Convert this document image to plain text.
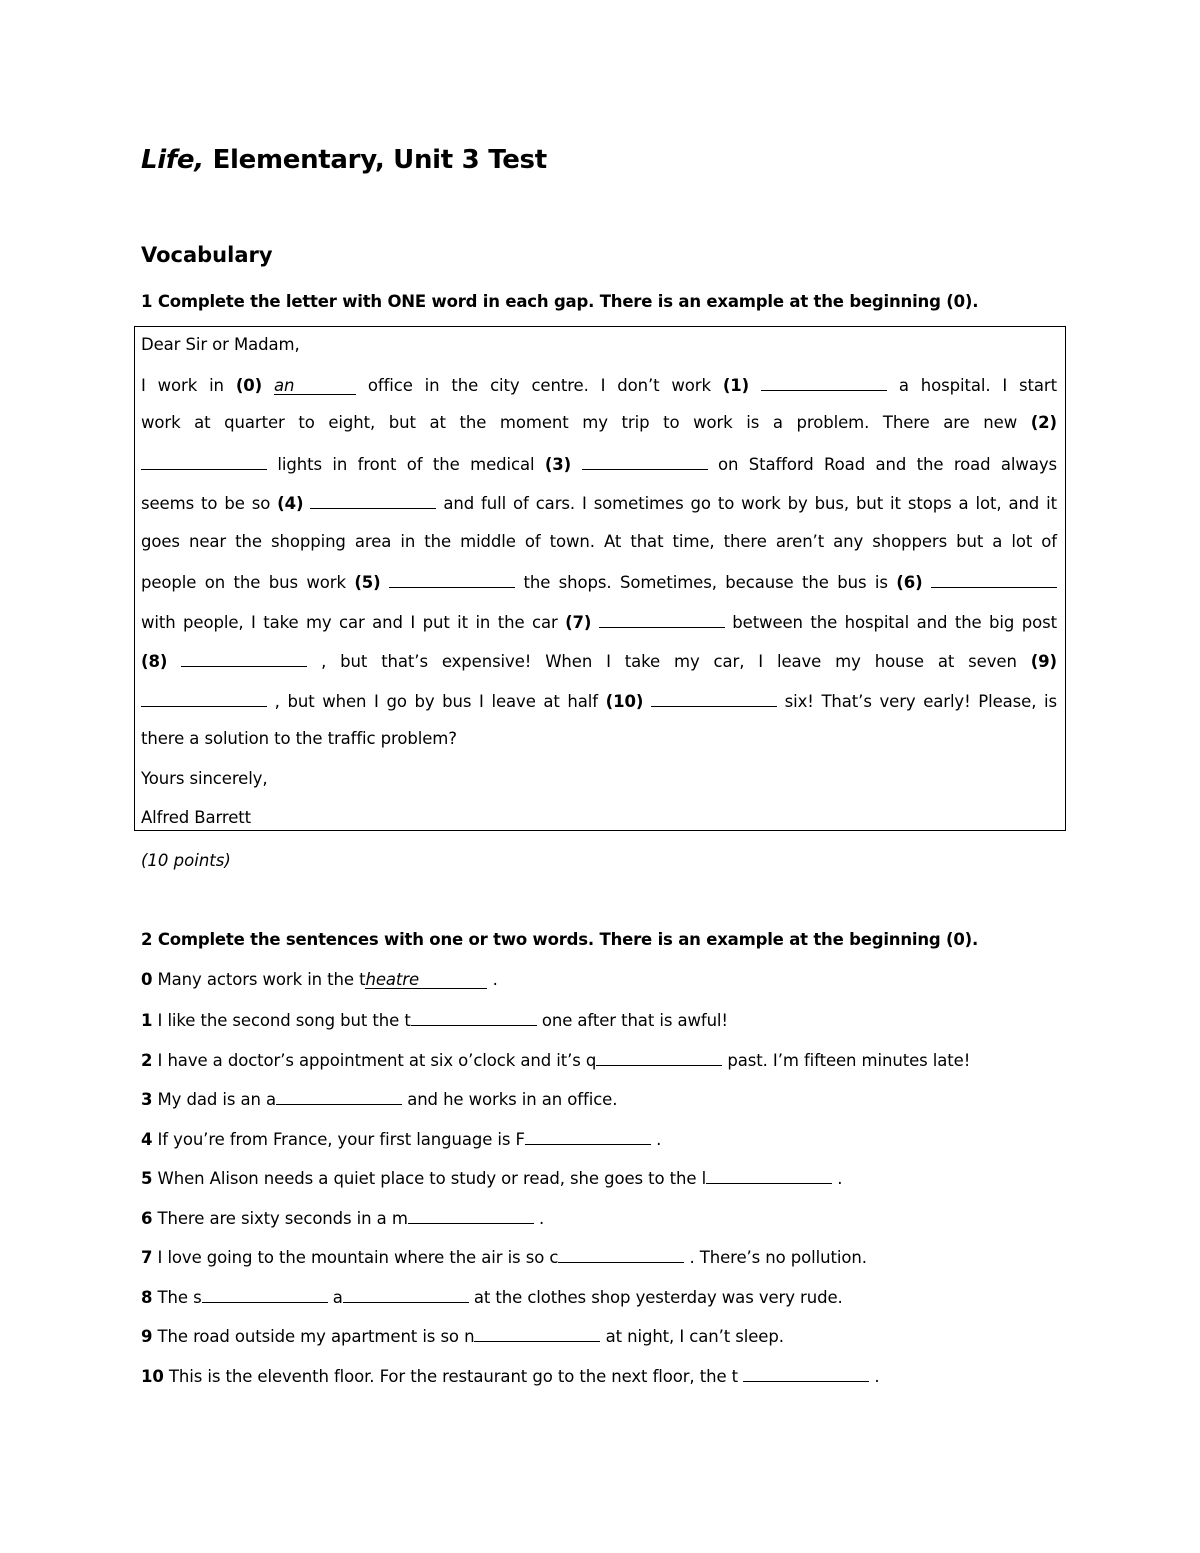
Life, Elementary, Unit 3 Test
Vocabulary
1 Complete the letter with ONE word in each gap. There is an example at the beginning (0).
Dear Sir or Madam,
I work in (0) an	office in the city centre. I don’t work (1)	a hospital. I start
work at quarter to eight, but at the moment my trip to work is a problem. There are new (2)
lights in front of the medical (3)	on Stafford Road and the road always
seems to be so (4)	and full of cars. I sometimes go to work by bus, but it stops a lot, and it
goes near the shopping area in the middle of town. At that time, there aren’t any shoppers but a lot of
people on the bus work (5)	the shops. Sometimes, because the bus is (6)
with people, I take my car and I put it in the car (7)	between the hospital and the big post
(8)	, but that’s expensive! When I take my car, I leave my house at seven (9)
, but when I go by bus I leave at half (10)	six! That’s very early! Please, is
there a solution to the traffic problem?
Yours sincerely,
Alfred Barrett
(10 points)
2 Complete the sentences with one or two words. There is an example at the beginning (0).
0 Many actors work in the theatre	.
1 I like the second song but the t	one after that is awful!
2 I have a doctor’s appointment at six o’clock and it’s q	past. I’m fifteen minutes late!
3 My dad is an a	and he works in an office.
4 If you’re from France, your first language is F	.
5 When Alison needs a quiet place to study or read, she goes to the l	.
6 There are sixty seconds in a m	.
7 I love going to the mountain where the air is so c	. There’s no pollution.
8 The s	a	at the clothes shop yesterday was very rude.
9 The road outside my apartment is so n	at night, I can’t sleep.
10 This is the eleventh floor. For the restaurant go to the next floor, the t	.
